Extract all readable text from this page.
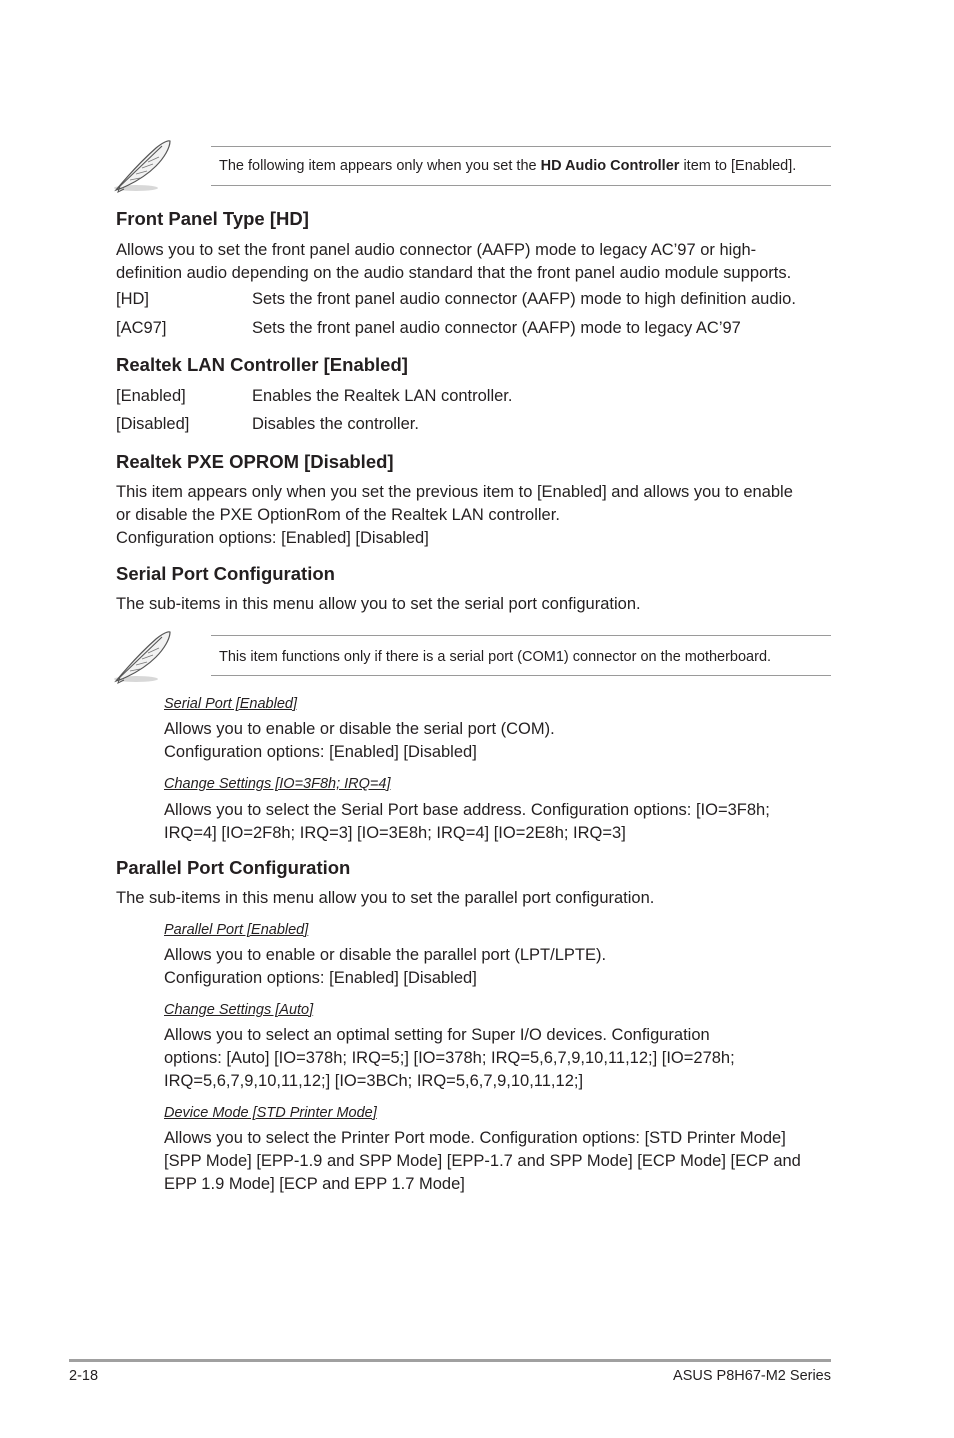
The following item appears only when you set the HD Audio Controller item to [Enabled].
Front Panel Type [HD]
Allows you to set the front panel audio connector (AAFP) mode to legacy AC’97 or high-
definition audio depending on the audio standard that the front panel audio module supports.
[HD]	Sets the front panel audio connector (AAFP) mode to high definition audio.
[AC97]	Sets the front panel audio connector (AAFP) mode to legacy AC’97
Realtek LAN Controller [Enabled]
[Enabled]	Enables the Realtek LAN controller.
[Disabled]	Disables the controller.
Realtek PXE OPROM [Disabled]
This item appears only when you set the previous item to [Enabled] and allows you to enable
or disable the PXE OptionRom of the Realtek LAN controller.
Configuration options: [Enabled] [Disabled]
Serial Port Configuration
The sub-items in this menu allow you to set the serial port configuration.
This item functions only if there is a serial port (COM1) connector on the motherboard.
Serial Port [Enabled]
Allows you to enable or disable the serial port (COM).
Configuration options: [Enabled] [Disabled]
Change Settings [IO=3F8h; IRQ=4]
Allows you to select the Serial Port base address. Configuration options: [IO=3F8h;
IRQ=4] [IO=2F8h; IRQ=3] [IO=3E8h; IRQ=4] [IO=2E8h; IRQ=3]
Parallel Port Configuration
The sub-items in this menu allow you to set the parallel port configuration.
Parallel Port [Enabled]
Allows you to enable or disable the parallel port (LPT/LPTE).
Configuration options: [Enabled] [Disabled]
Change Settings [Auto]
Allows you to select an optimal setting for Super I/O devices. Configuration
options: [Auto] [IO=378h; IRQ=5;] [IO=378h; IRQ=5,6,7,9,10,11,12;] [IO=278h;
IRQ=5,6,7,9,10,11,12;] [IO=3BCh; IRQ=5,6,7,9,10,11,12;]
Device Mode [STD Printer Mode]
Allows you to select the Printer Port mode. Configuration options: [STD Printer Mode]
[SPP Mode] [EPP-1.9 and SPP Mode] [EPP-1.7 and SPP Mode] [ECP Mode] [ECP and
EPP 1.9 Mode] [ECP and EPP 1.7 Mode]
2-18	ASUS P8H67-M2 Series
